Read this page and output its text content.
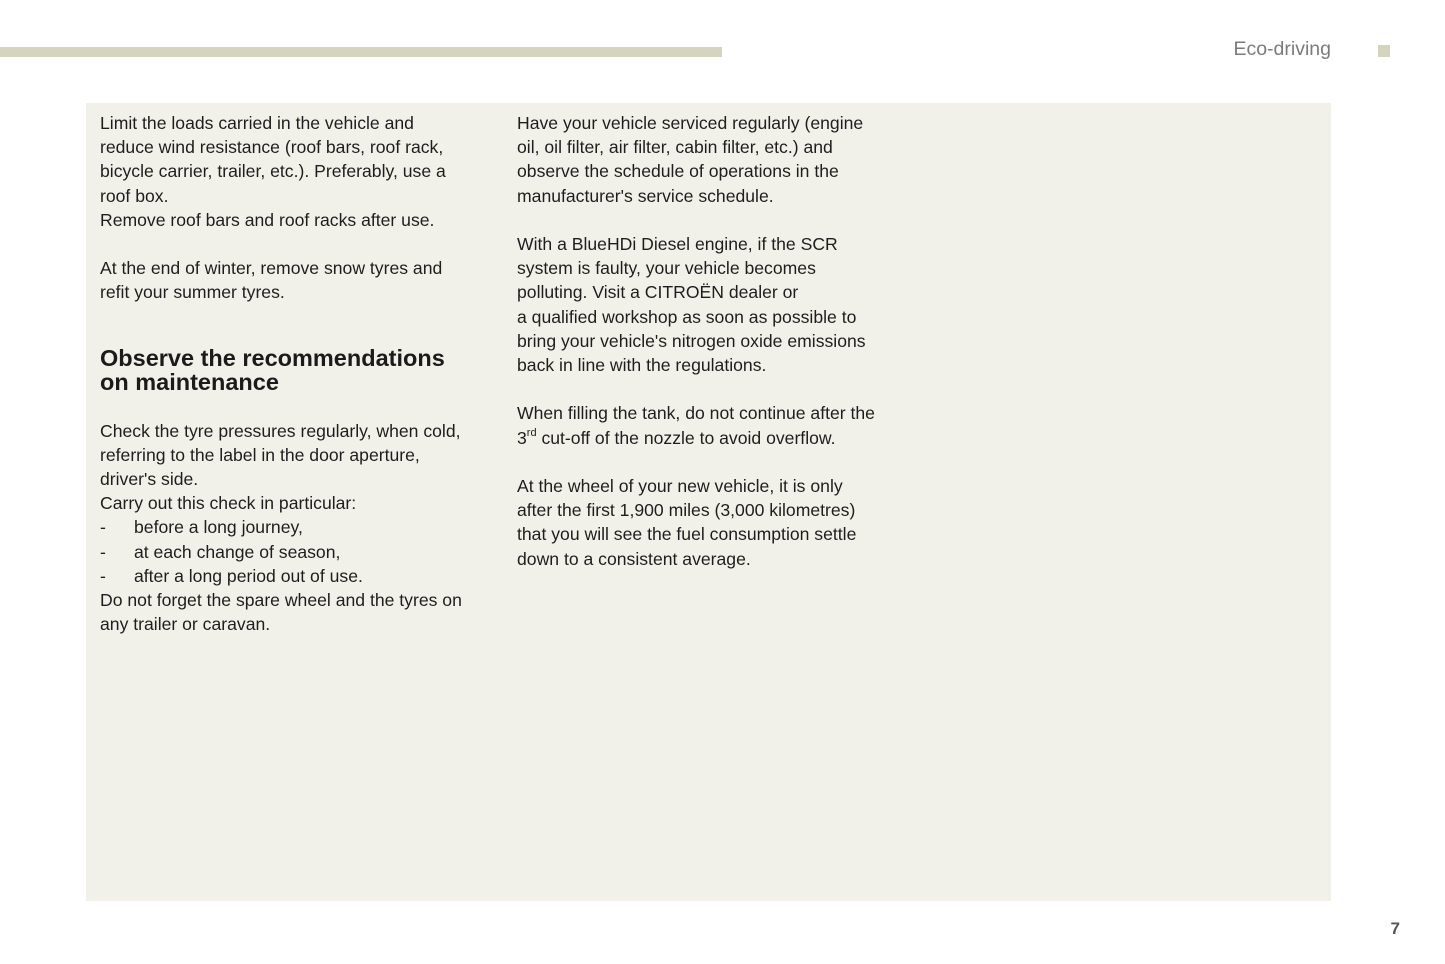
Eco-driving

Limit the loads carried in the vehicle and
reduce wind resistance (roof bars, roof rack,
bicycle carrier, trailer, etc.). Preferably, use a
roof box.
Remove roof bars and roof racks after use.

At the end of winter, remove snow tyres and
refit your summer tyres.

Observe the recommendations
on maintenance

Check the tyre pressures regularly, when cold,
referring to the label in the door aperture,
driver's side.
Carry out this check in particular:

-	before a long journey,
-	at each change of season,
-	after a long period out of use.

Do not forget the spare wheel and the tyres on
any trailer or caravan.

Have your vehicle serviced regularly (engine
oil, oil filter, air filter, cabin filter, etc.) and
observe the schedule of operations in the
manufacturer's service schedule.

With a BlueHDi Diesel engine, if the SCR
system is faulty, your vehicle becomes
polluting. Visit a CITROËN dealer or
a qualified workshop as soon as possible to
bring your vehicle's nitrogen oxide emissions
back in line with the regulations.

When filling the tank, do not continue after the
3rd cut-off of the nozzle to avoid overflow.

At the wheel of your new vehicle, it is only
after the first 1,900 miles (3,000 kilometres)
that you will see the fuel consumption settle
down to a consistent average.

7
